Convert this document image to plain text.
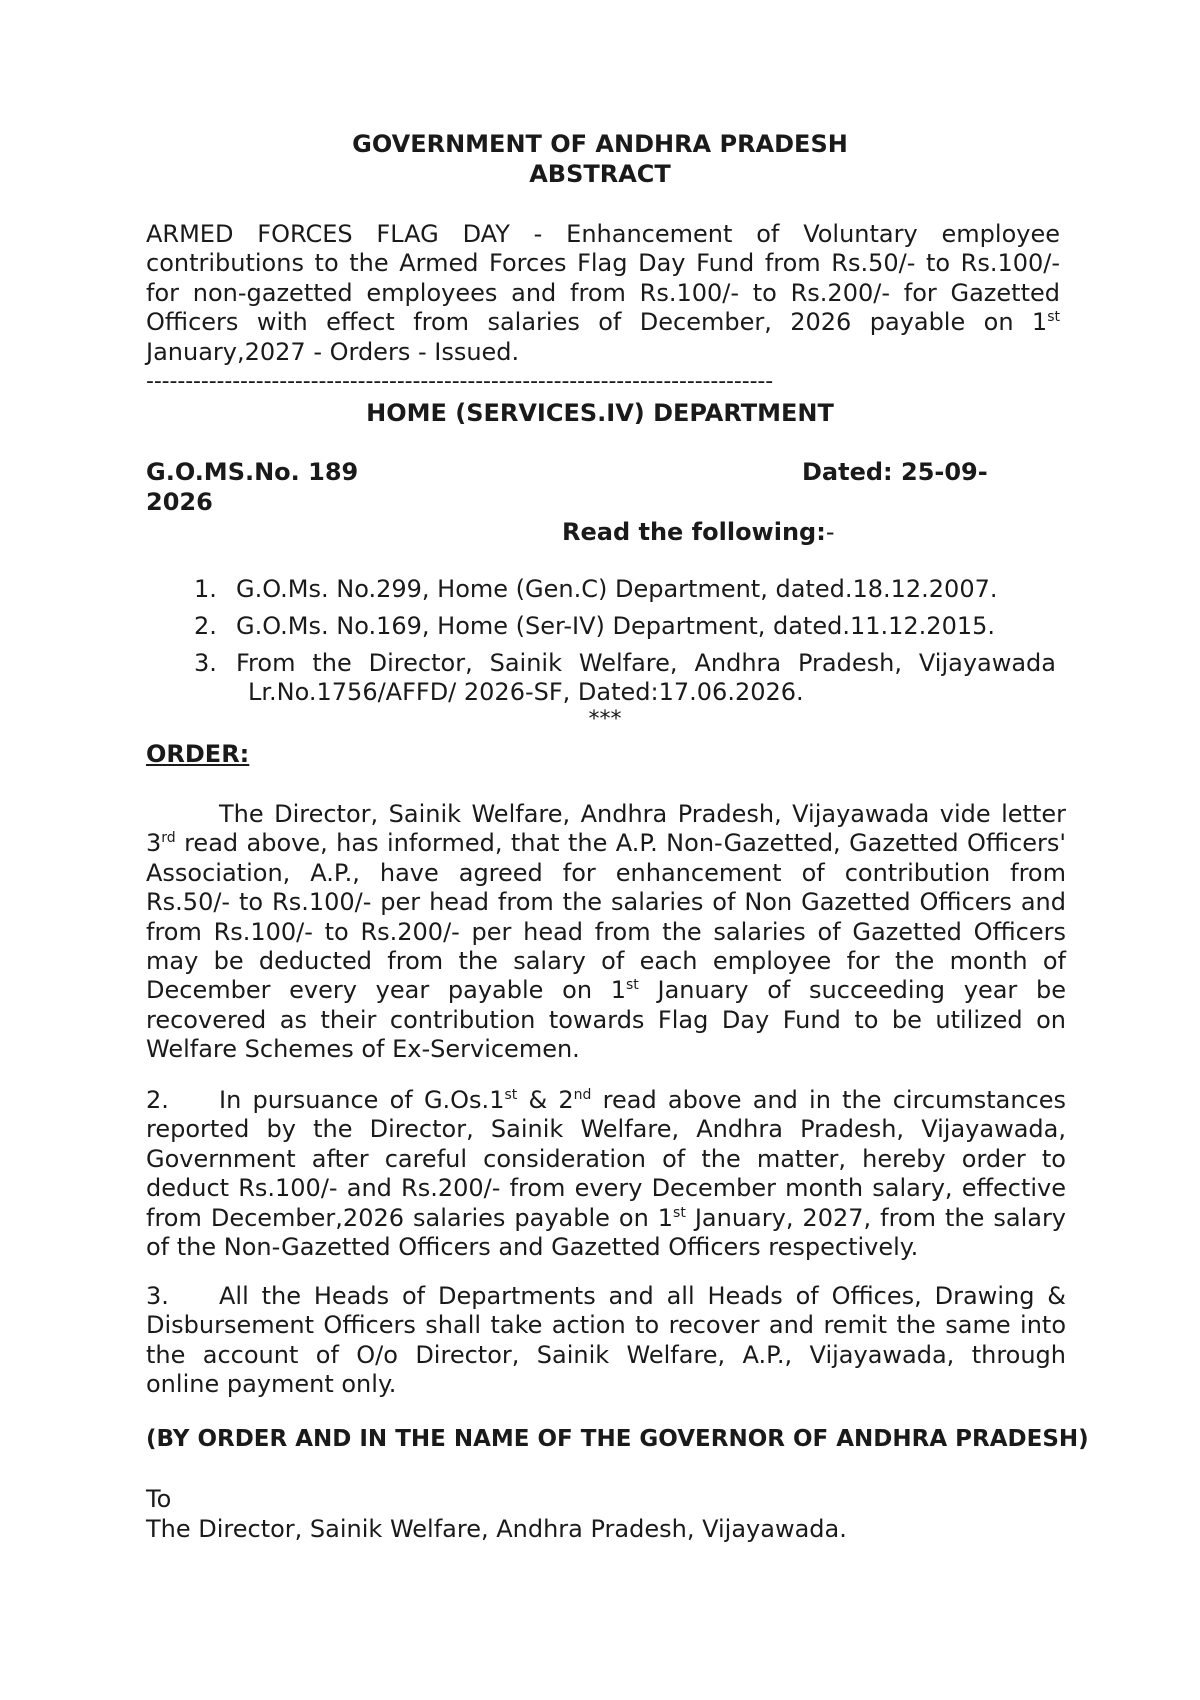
GOVERNMENT OF ANDHRA PRADESH
ABSTRACT
ARMED FORCES FLAG DAY - Enhancement of Voluntary employee
contributions to the Armed Forces Flag Day Fund from Rs.50/- to Rs.100/-
for non-gazetted employees and from Rs.100/- to Rs.200/- for Gazetted
Officers with effect from salaries of December, 2026 payable on 1st
January,2027 - Orders - Issued.
--------------------------------------------------------------------------------
HOME (SERVICES.IV) DEPARTMENT
G.O.MS.No. 189	Dated: 25-09-
2026
Read the following:-
1. G.O.Ms. No.299, Home (Gen.C) Department, dated.18.12.2007.
2. G.O.Ms. No.169, Home (Ser-IV) Department, dated.11.12.2015.
3. From the Director, Sainik Welfare, Andhra Pradesh, Vijayawada
Lr.No.1756/AFFD/ 2026-SF, Dated:17.06.2026.
***
ORDER:
The Director, Sainik Welfare, Andhra Pradesh, Vijayawada vide letter
3rd read above, has informed, that the A.P. Non-Gazetted, Gazetted Officers'
Association, A.P., have agreed for enhancement of contribution from
Rs.50/- to Rs.100/- per head from the salaries of Non Gazetted Officers and
from Rs.100/- to Rs.200/- per head from the salaries of Gazetted Officers
may be deducted from the salary of each employee for the month of
December every year payable on 1st January of succeeding year be
recovered as their contribution towards Flag Day Fund to be utilized on
Welfare Schemes of Ex-Servicemen.
2. In pursuance of G.Os.1st & 2nd read above and in the circumstances
reported by the Director, Sainik Welfare, Andhra Pradesh, Vijayawada,
Government after careful consideration of the matter, hereby order to
deduct Rs.100/- and Rs.200/- from every December month salary, effective
from December,2026 salaries payable on 1st January, 2027, from the salary
of the Non-Gazetted Officers and Gazetted Officers respectively.
3. All the Heads of Departments and all Heads of Offices, Drawing &
Disbursement Officers shall take action to recover and remit the same into
the account of O/o Director, Sainik Welfare, A.P., Vijayawada, through
online payment only.
(BY ORDER AND IN THE NAME OF THE GOVERNOR OF ANDHRA PRADESH)
To
The Director, Sainik Welfare, Andhra Pradesh, Vijayawada.
